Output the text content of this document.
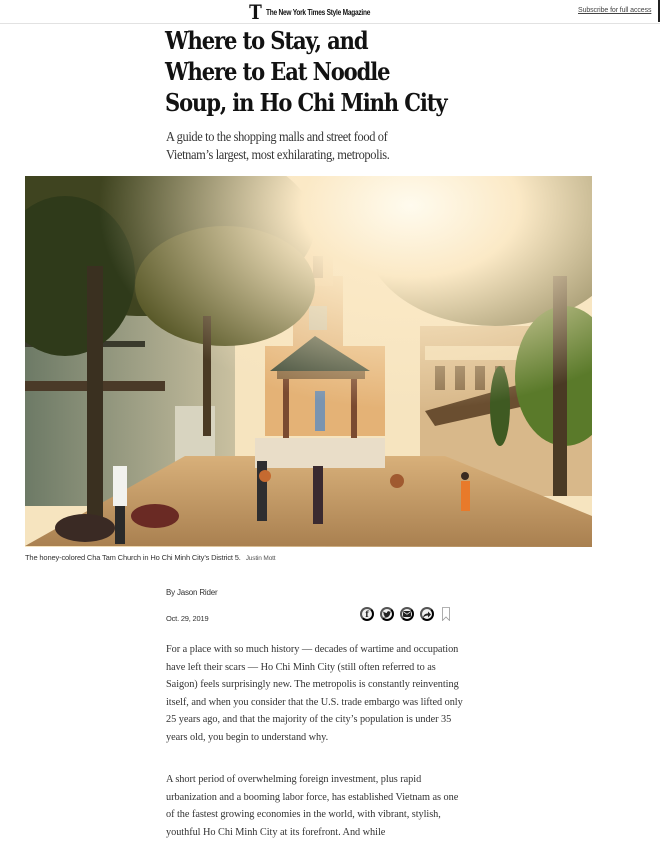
T The New York Times Style Magazine	Subscribe for full access
Where to Stay, and
Where to Eat Noodle
Soup, in Ho Chi Minh City

A guide to the shopping malls and street food of
Vietnam’s largest, most exhilarating, metropolis.

The honey-colored Cha Tam Church in Ho Chi Minh City’s District 5. Justin Mott
By Jason Rider
Oct. 29, 2019	f

For a place with so much history — decades of wartime and occupation have left their scars — Ho Chi Minh City (still often referred to as Saigon) feels surprisingly new. The metropolis is constantly reinventing itself, and when you consider that the U.S. trade embargo was lifted only 25 years ago, and that the majority of the city’s population is under 35 years old, you begin to understand why.

A short period of overwhelming foreign investment, plus rapid urbanization and a booming labor force, has established Vietnam as one of the fastest growing economies in the world, with vibrant, stylish, youthful Ho Chi Minh City at its forefront. And while
